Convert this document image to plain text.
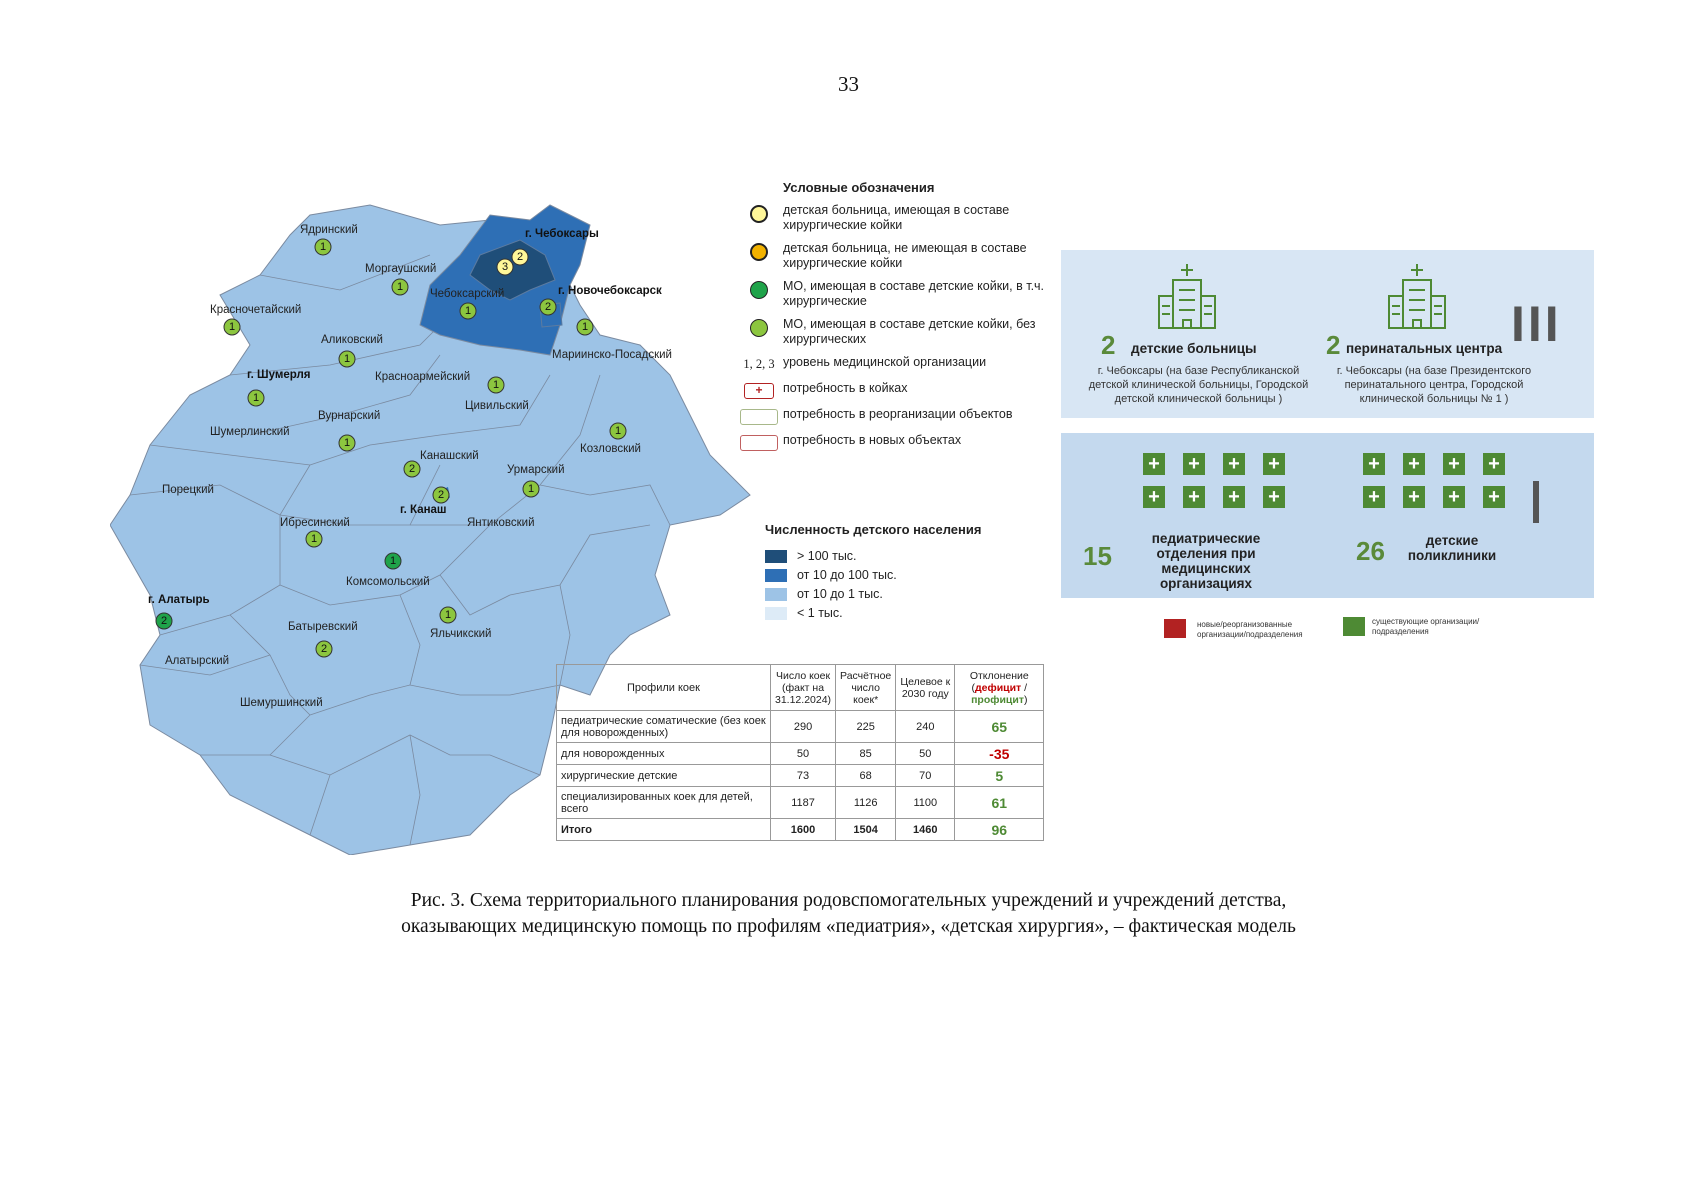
33
Ядринский
Моргаушский
Красночетайский
Аликовский
Чебоксарский
Мариинско-Посадский
Красноармейский
Цивильский
Вурнарский
Шумерлинский
Козловский
Канашский
Урмарский
Порецкий
Ибресинский	Янтиковский
Комсомольский
Яльчикский
Батыревский
Алатырский
Шемуршинский
г. Чебоксары
г. Новочебоксарск
г. Шумерля
г. Канаш
г. Алатырь
1
1
1
1
1
1
2
1
1
1
1
2
1
1
1
2
2
1
3
2
2
Условные обозначения
детская больница, имеющая в составе хирургические койки
детская больница, не имеющая в составе хирургические койки
МО, имеющая в составе детские койки, в т.ч. хирургические
МО, имеющая в составе детские койки, без хирургических
1, 2, 3 уровень медицинской организации
+	потребность в койках
потребность в реорганизации объектов
потребность в новых объектах
Численность детского населения
> 100 тыс.
от 10 до 100 тыс.
от 10 до 1 тыс.
< 1 тыс.
2 детские больницы
г. Чебоксары (на базе Республиканской детской клинической больницы, Городской детской клинической больницы )
2 перинатальных центра
г. Чебоксары (на базе Президентского перинатального центра, Городской клинической больницы № 1 )
III
+ + + +
+ + + +
+ + + +
+ + + +
15
педиатрические отделения при медицинских организациях
26	детские поликлиники
новые/реорганизованные организации/подразделения
существующие организации/подразделения
Профили коек	Число коек (факт на 31.12.2024)	Расчётное число коек*	Целевое к 2030 году	Отклонение
(дефицит /
профицит)
педиатрические соматические (без коек для новорожденных)	290	225	240	65
для новорожденных	50	85	50	-35
хирургические детские	73	68	70	5
специализированных коек для детей, всего	1187	1126	1100	61
Итого	1600	1504	1460	96
Рис. 3. Схема территориального планирования родовспомогательных учреждений и учреждений детства,
оказывающих медицинскую помощь по профилям «педиатрия», «детская хирургия», – фактическая модель
